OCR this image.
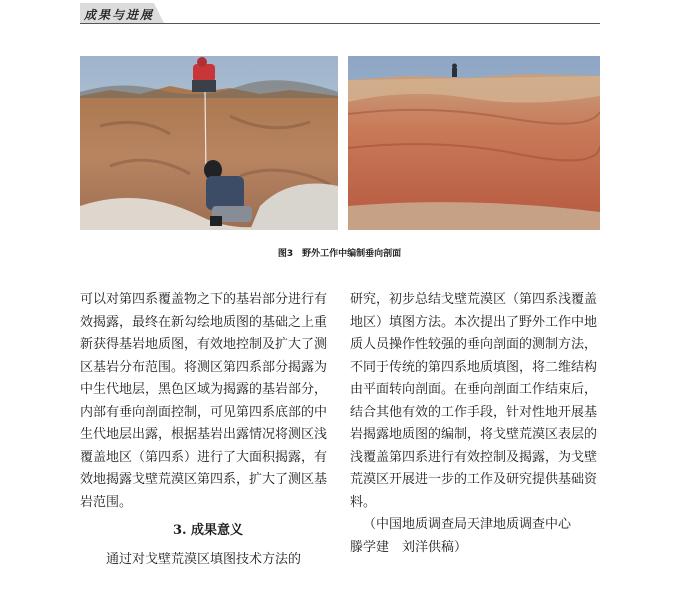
成果与进展
图3　野外工作中编制垂向剖面

可以对第四系覆盖物之下的基岩部分进行有效揭露，最终在新勾绘地质图的基础之上重新获得基岩地质图，有效地控制及扩大了测区基岩分布范围。将测区第四系部分揭露为中生代地层，黑色区域为揭露的基岩部分，内部有垂向剖面控制，可见第四系底部的中生代地层出露，根据基岩出露情况将测区浅覆盖地区（第四系）进行了大面积揭露，有效地揭露戈壁荒漠区第四系，扩大了测区基岩范围。

3. 成果意义

通过对戈壁荒漠区填图技术方法的

研究，初步总结戈壁荒漠区（第四系浅覆盖地区）填图方法。本次提出了野外工作中地质人员操作性较强的垂向剖面的测制方法，不同于传统的第四系地质填图，将二维结构由平面转向剖面。在垂向剖面工作结束后，结合其他有效的工作手段，针对性地开展基岩揭露地质图的编制，将戈壁荒漠区表层的浅覆盖第四系进行有效控制及揭露，为戈壁荒漠区开展进一步的工作及研究提供基础资料。

（中国地质调查局天津地质调查中心

滕学建　刘洋供稿）
